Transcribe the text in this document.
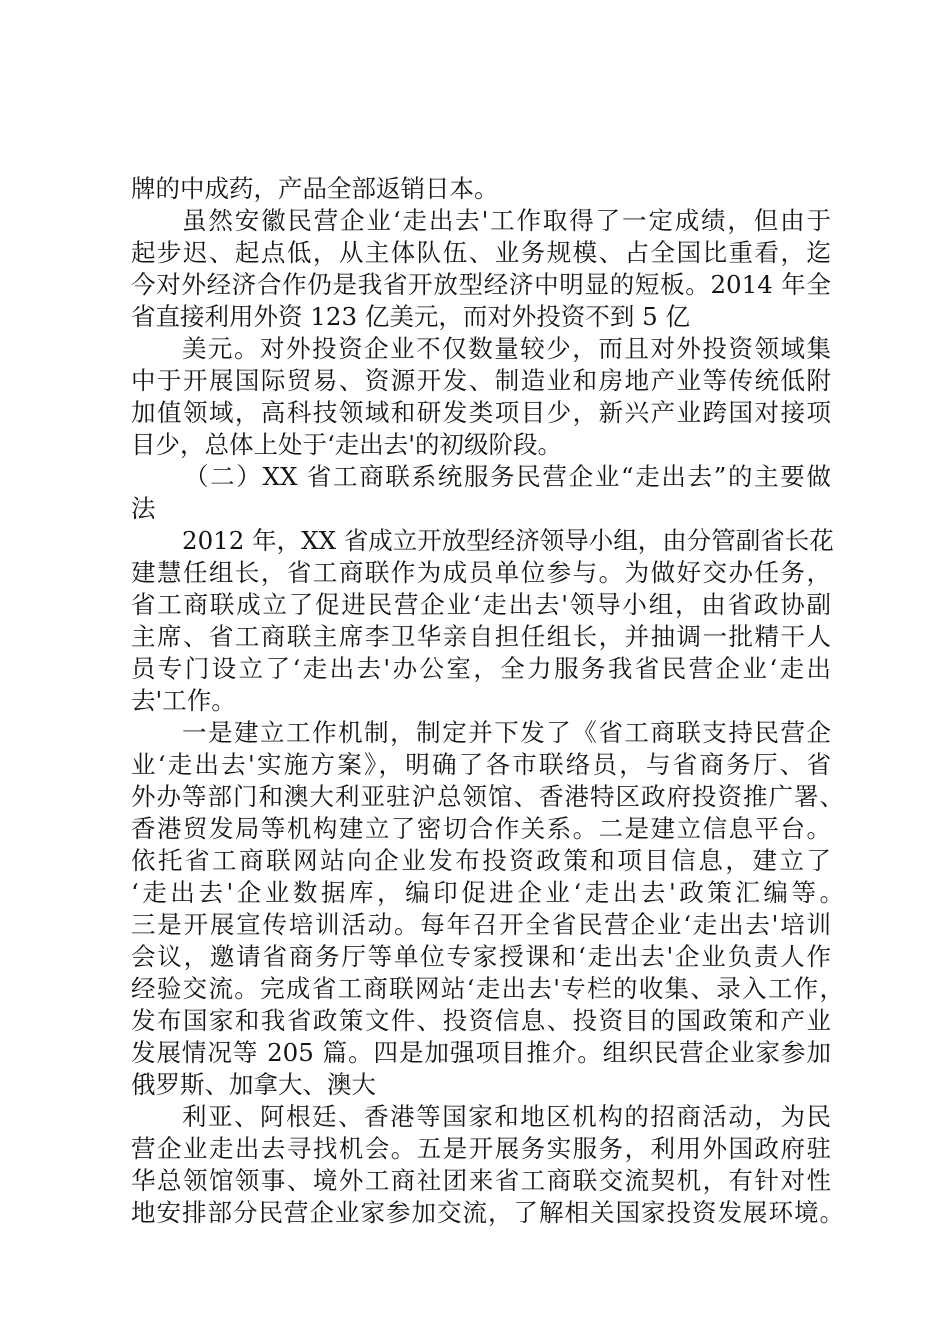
牌的中成药，产品全部返销日本。
虽然安徽民营企业‘走出去'工作取得了一定成绩，但由于
起步迟、起点低，从主体队伍、业务规模、占全国比重看，迄
今对外经济合作仍是我省开放型经济中明显的短板。2014 年全
省直接利用外资 123 亿美元，而对外投资不到 5 亿
美元。对外投资企业不仅数量较少，而且对外投资领域集
中于开展国际贸易、资源开发、制造业和房地产业等传统低附
加值领域，高科技领域和研发类项目少，新兴产业跨国对接项
目少，总体上处于‘走出去'的初级阶段。
（二）XX 省工商联系统服务民营企业“走出去”的主要做
法
2012 年，XX 省成立开放型经济领导小组，由分管副省长花
建慧任组长，省工商联作为成员单位参与。为做好交办任务，
省工商联成立了促进民营企业‘走出去'领导小组，由省政协副
主席、省工商联主席李卫华亲自担任组长，并抽调一批精干人
员专门设立了‘走出去'办公室，全力服务我省民营企业‘走出
去'工作。
一是建立工作机制，制定并下发了《省工商联支持民营企
业‘走出去'实施方案》，明确了各市联络员，与省商务厅、省
外办等部门和澳大利亚驻沪总领馆、香港特区政府投资推广署、
香港贸发局等机构建立了密切合作关系。二是建立信息平台。
依托省工商联网站向企业发布投资政策和项目信息，建立了
‘走出去'企业数据库，编印促进企业‘走出去'政策汇编等。
三是开展宣传培训活动。每年召开全省民营企业‘走出去'培训
会议，邀请省商务厅等单位专家授课和‘走出去'企业负责人作
经验交流。完成省工商联网站‘走出去'专栏的收集、录入工作，
发布国家和我省政策文件、投资信息、投资目的国政策和产业
发展情况等 205 篇。四是加强项目推介。组织民营企业家参加
俄罗斯、加拿大、澳大
利亚、阿根廷、香港等国家和地区机构的招商活动，为民
营企业走出去寻找机会。五是开展务实服务，利用外国政府驻
华总领馆领事、境外工商社团来省工商联交流契机，有针对性
地安排部分民营企业家参加交流，了解相关国家投资发展环境。
